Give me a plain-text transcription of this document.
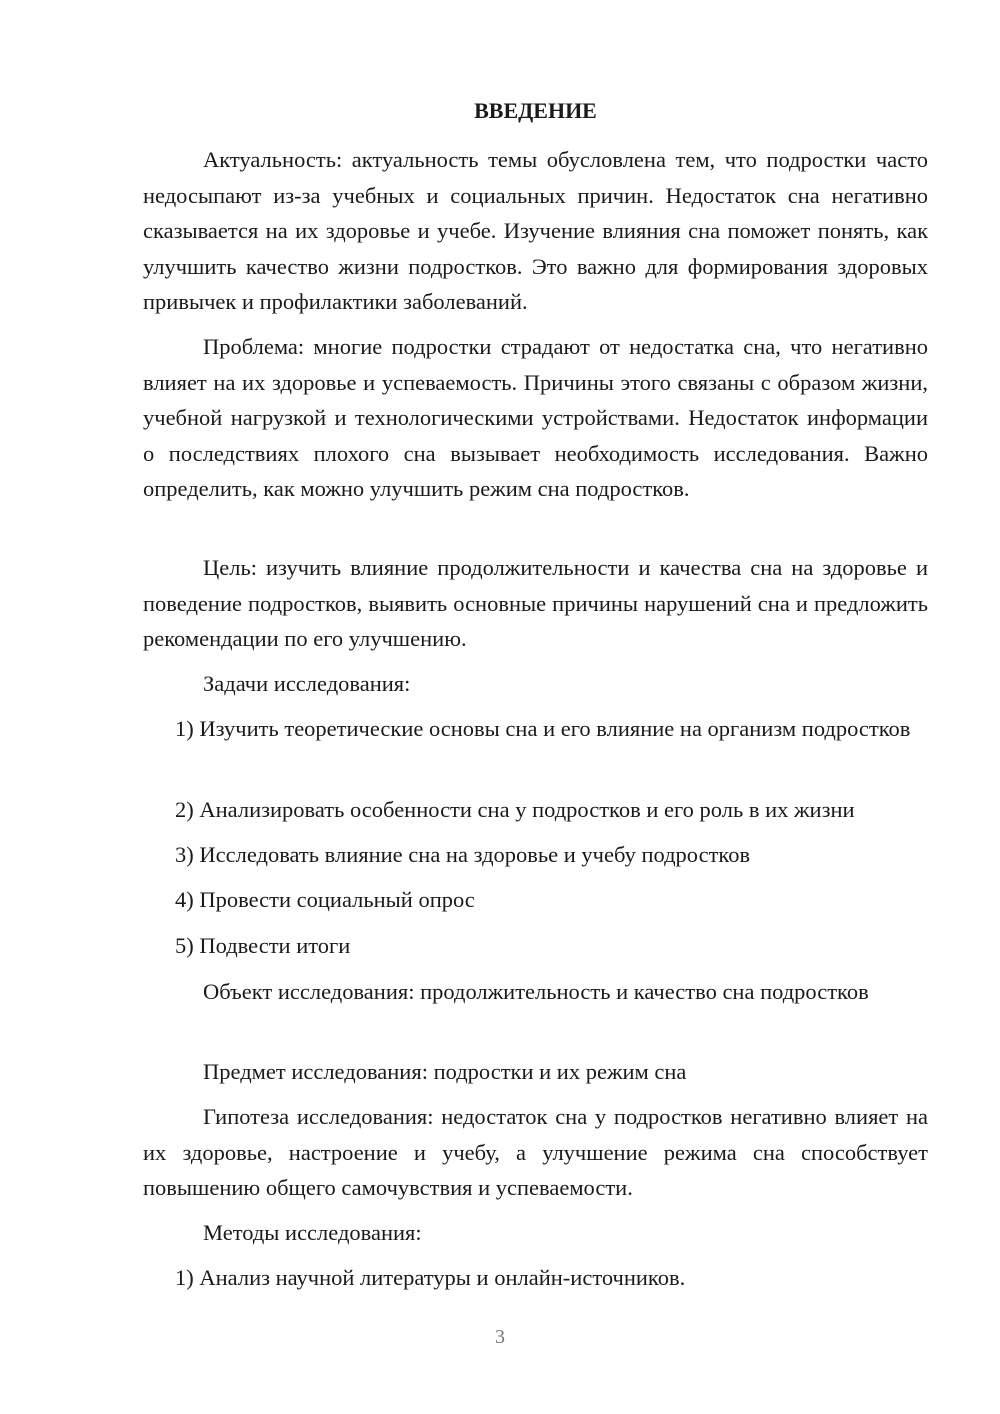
ВВЕДЕНИЕ

Актуальность: актуальность темы обусловлена тем, что подростки часто недосыпают из-за учебных и социальных причин. Недостаток сна негативно сказывается на их здоровье и учебе. Изучение влияния сна поможет понять, как улучшить качество жизни подростков. Это важно для формирования здоровых привычек и профилактики заболеваний.

Проблема: многие подростки страдают от недостатка сна, что негативно влияет на их здоровье и успеваемость. Причины этого связаны с образом жизни, учебной нагрузкой и технологическими устройствами. Недостаток информации о последствиях плохого сна вызывает необходимость исследования. Важно определить, как можно улучшить режим сна подростков.

Цель: изучить влияние продолжительности и качества сна на здоровье и поведение подростков, выявить основные причины нарушений сна и предложить рекомендации по его улучшению.

Задачи исследования:

1) Изучить теоретические основы сна и его влияние на организм подростков

2) Анализировать особенности сна у подростков и его роль в их жизни

3) Исследовать влияние сна на здоровье и учебу подростков

4) Провести социальный опрос

5) Подвести итоги

Объект исследования: продолжительность и качество сна подростков

Предмет исследования: подростки и их режим сна

Гипотеза исследования: недостаток сна у подростков негативно влияет на их здоровье, настроение и учебу, а улучшение режима сна способствует повышению общего самочувствия и успеваемости.

Методы исследования:

1) Анализ научной литературы и онлайн-источников.

3
